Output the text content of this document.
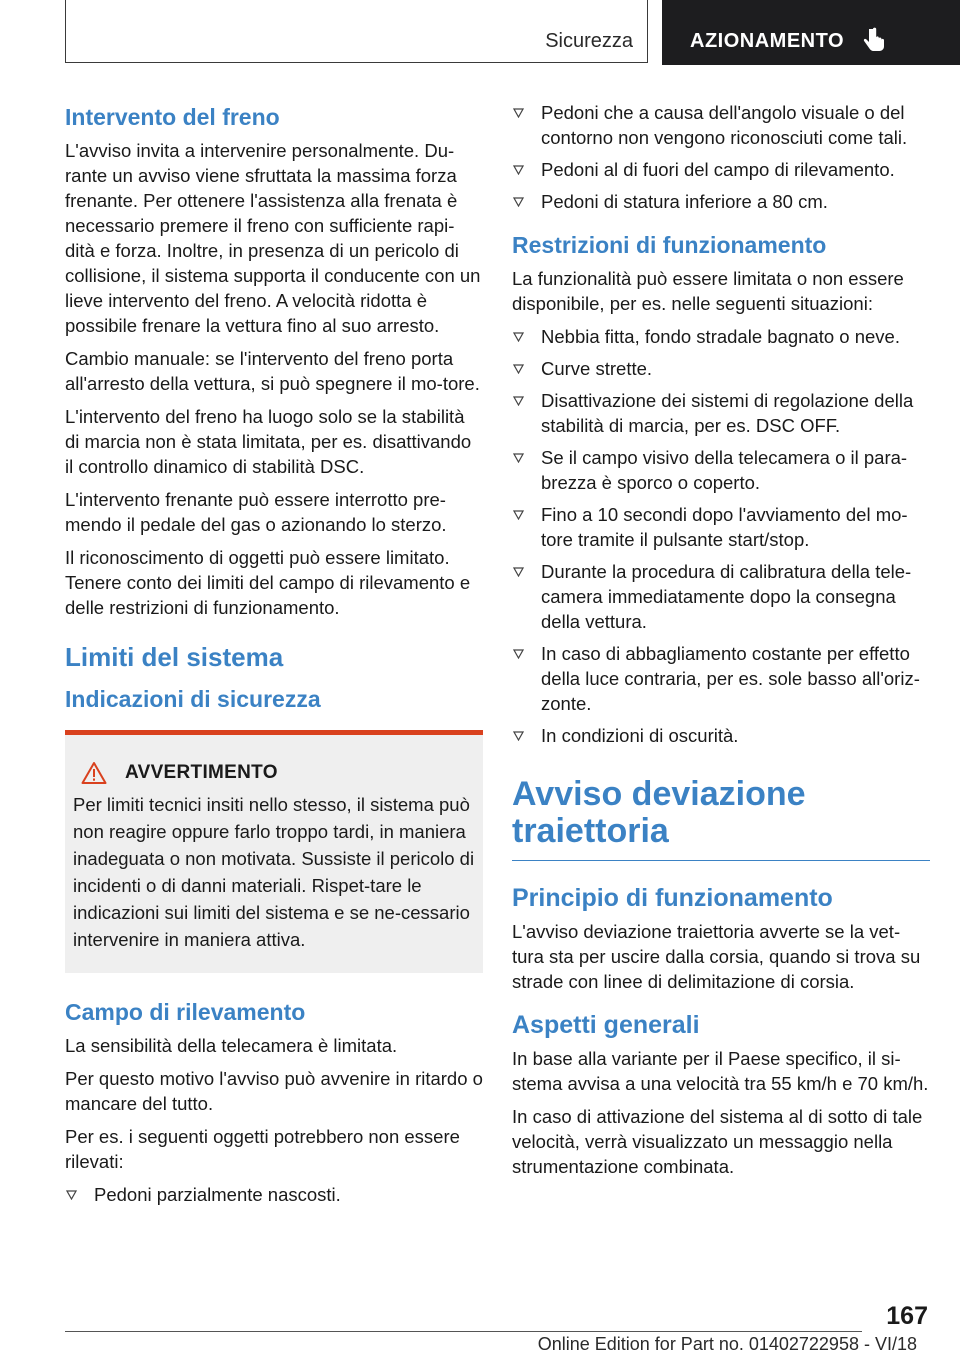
Sicurezza	AZIONAMENTO
Intervento del freno

L'avviso invita a intervenire personalmente. Du-rante un avviso viene sfruttata la massima forza frenante. Per ottenere l'assistenza alla frenata è necessario premere il freno con sufficiente rapi-dità e forza. Inoltre, in presenza di un pericolo di collisione, il sistema supporta il conducente con un lieve intervento del freno. A velocità ridotta è possibile frenare la vettura fino al suo arresto.

Cambio manuale: se l'intervento del freno porta all'arresto della vettura, si può spegnere il mo-tore.

L'intervento del freno ha luogo solo se la stabilità di marcia non è stata limitata, per es. disattivando il controllo dinamico di stabilità DSC.

L'intervento frenante può essere interrotto pre-mendo il pedale del gas o azionando lo sterzo.

Il riconoscimento di oggetti può essere limitato. Tenere conto dei limiti del campo di rilevamento e delle restrizioni di funzionamento.

Limiti del sistema
Indicazioni di sicurezza
AVVERTIMENTO

Per limiti tecnici insiti nello stesso, il sistema può non reagire oppure farlo troppo tardi, in maniera inadeguata o non motivata. Sussiste il pericolo di incidenti o di danni materiali. Rispet-tare le indicazioni sui limiti del sistema e se ne-cessario intervenire in maniera attiva.

Campo di rilevamento

La sensibilità della telecamera è limitata.

Per questo motivo l'avviso può avvenire in ritardo o mancare del tutto.

Per es. i seguenti oggetti potrebbero non essere rilevati:

Pedoni parzialmente nascosti.
Pedoni che a causa dell'angolo visuale o del contorno non vengono riconosciuti come tali.
Pedoni al di fuori del campo di rilevamento.
Pedoni di statura inferiore a 80 cm.
Restrizioni di funzionamento

La funzionalità può essere limitata o non essere disponibile, per es. nelle seguenti situazioni:

Nebbia fitta, fondo stradale bagnato o neve.
Curve strette.
Disattivazione dei sistemi di regolazione della stabilità di marcia, per es. DSC OFF.
Se il campo visivo della telecamera o il para-brezza è sporco o coperto.
Fino a 10 secondi dopo l'avviamento del mo-tore tramite il pulsante start/stop.
Durante la procedura di calibratura della tele-camera immediatamente dopo la consegna della vettura.
In caso di abbagliamento costante per effetto della luce contraria, per es. sole basso all'oriz-zonte.
In condizioni di oscurità.
Avviso deviazione traiettoria
Principio di funzionamento

L'avviso deviazione traiettoria avverte se la vet-tura sta per uscire dalla corsia, quando si trova su strade con linee di delimitazione di corsia.

Aspetti generali

In base alla variante per il Paese specifico, il si-stema avvisa a una velocità tra 55 km/h e 70 km/h.

In caso di attivazione del sistema al di sotto di tale velocità, verrà visualizzato un messaggio nella strumentazione combinata.

167
Online Edition for Part no. 01402722958 - VI/18
